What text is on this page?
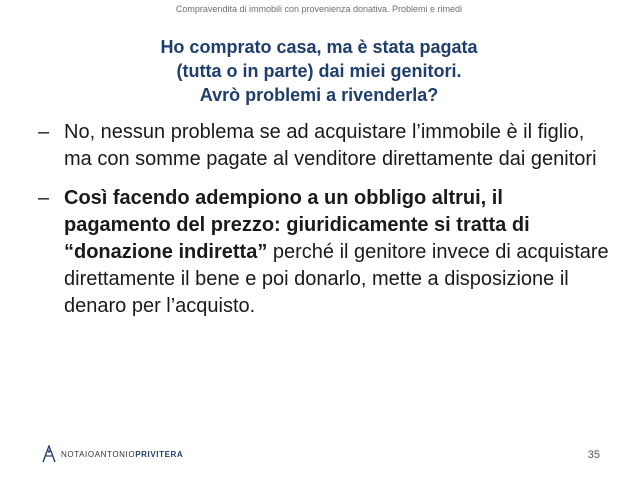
Compravendita di immobili con provenienza donativa. Problemi e rimedi
Ho comprato casa, ma è stata pagata
(tutta o in parte) dai miei genitori.
Avrò problemi a rivenderla?
– No, nessun problema se ad acquistare l’immobile è il figlio, ma con somme pagate al venditore direttamente dai genitori
– Così facendo adempiono a un obbligo altrui, il pagamento del prezzo: giuridicamente si tratta di “donazione indiretta” perché il genitore invece di acquistare direttamente il bene e poi donarlo, mette a disposizione il denaro per l’acquisto.
NOTAIOANTONIOPRIVITERA	35
